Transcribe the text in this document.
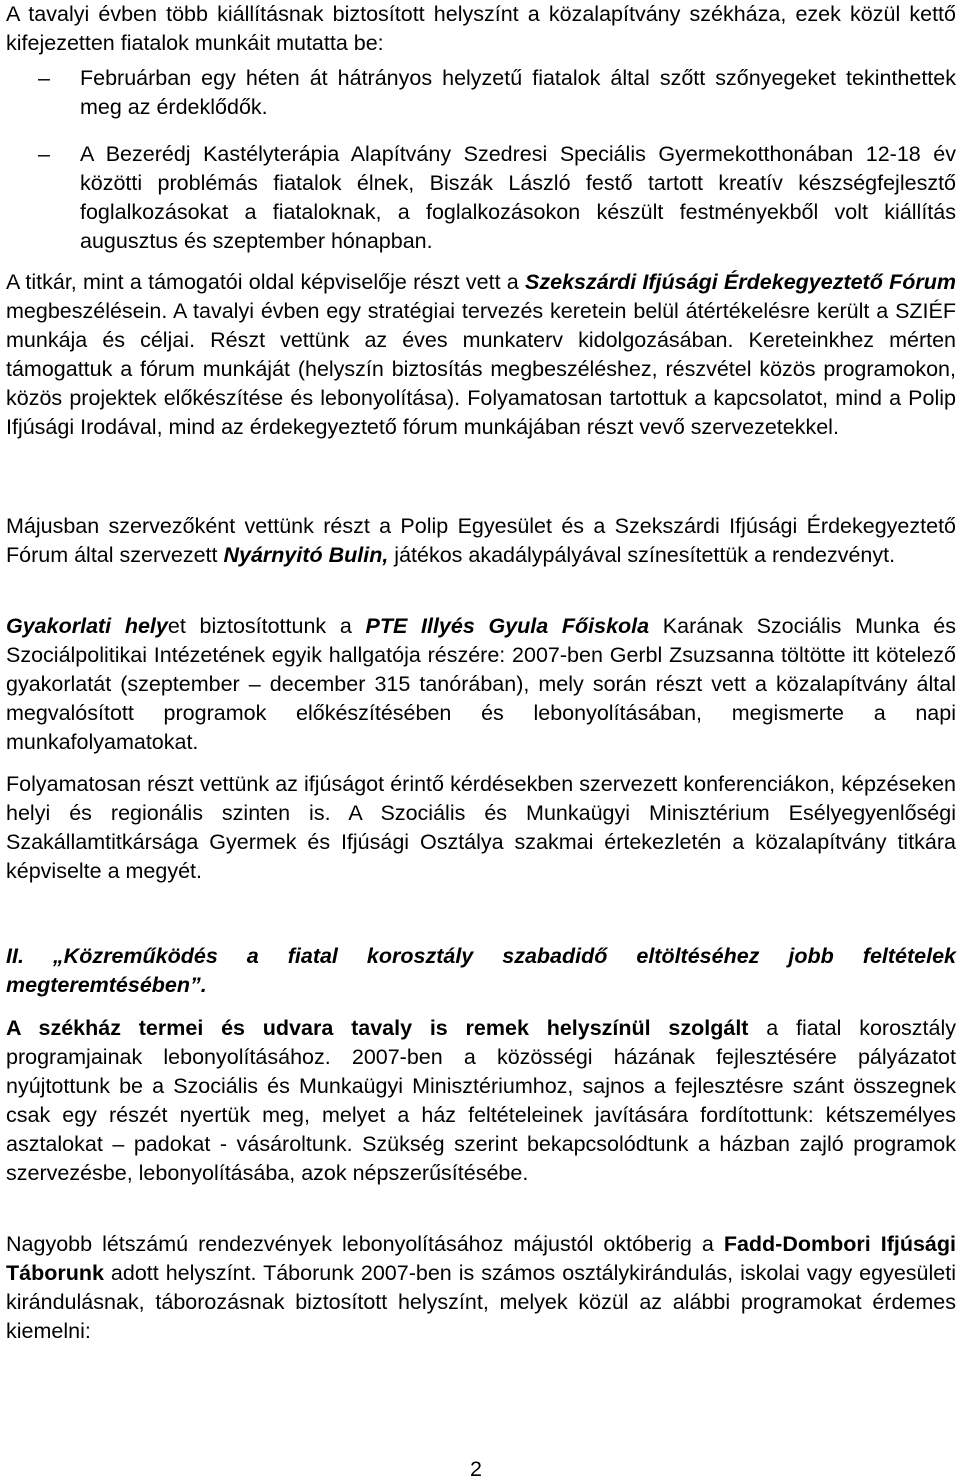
A tavalyi évben több kiállításnak biztosított helyszínt a közalapítvány székháza, ezek közül kettő kifejezetten fiatalok munkáit mutatta be:

– Februárban egy héten át hátrányos helyzetű fiatalok által szőtt szőnyegeket tekinthettek meg az érdeklődők.
– A Bezerédj Kastélyterápia Alapítvány Szedresi Speciális Gyermekotthonában 12-18 év közötti problémás fiatalok élnek, Biszák László festő tartott kreatív készségfejlesztő foglalkozásokat a fiataloknak, a foglalkozásokon készült festményekből volt kiállítás augusztus és szeptember hónapban.

A titkár, mint a támogatói oldal képviselője részt vett a Szekszárdi Ifjúsági Érdekegyeztető Fórum megbeszélésein. A tavalyi évben egy stratégiai tervezés keretein belül átértékelésre került a SZIÉF munkája és céljai. Részt vettünk az éves munkaterv kidolgozásában. Kereteinkhez mérten támogattuk a fórum munkáját (helyszín biztosítás megbeszéléshez, részvétel közös programokon, közös projektek előkészítése és lebonyolítása). Folyamatosan tartottuk a kapcsolatot, mind a Polip Ifjúsági Irodával, mind az érdekegyeztető fórum munkájában részt vevő szervezetekkel.

Májusban szervezőként vettünk részt a Polip Egyesület és a Szekszárdi Ifjúsági Érdekegyeztető Fórum által szervezett Nyárnyitó Bulin, játékos akadálypályával színesítettük a rendezvényt.

Gyakorlati helyet biztosítottunk a PTE Illyés Gyula Főiskola Karának Szociális Munka és Szociálpolitikai Intézetének egyik hallgatója részére: 2007-ben Gerbl Zsuzsanna töltötte itt kötelező gyakorlatát (szeptember – december 315 tanórában), mely során részt vett a közalapítvány által megvalósított programok előkészítésében és lebonyolításában, megismerte a napi munkafolyamatokat.

Folyamatosan részt vettünk az ifjúságot érintő kérdésekben szervezett konferenciákon, képzéseken helyi és regionális szinten is. A Szociális és Munkaügyi Minisztérium Esélyegyenlőségi Szakállamtitkársága Gyermek és Ifjúsági Osztálya szakmai értekezletén a közalapítvány titkára képviselte a megyét.

II. „Közreműködés a fiatal korosztály szabadidő eltöltéséhez jobb feltételek megteremtésében”.

A székház termei és udvara tavaly is remek helyszínül szolgált a fiatal korosztály programjainak lebonyolításához. 2007-ben a közösségi házának fejlesztésére pályázatot nyújtottunk be a Szociális és Munkaügyi Minisztériumhoz, sajnos a fejlesztésre szánt összegnek csak egy részét nyertük meg, melyet a ház feltételeinek javítására fordítottunk: kétszemélyes asztalokat – padokat - vásároltunk. Szükség szerint bekapcsolódtunk a házban zajló programok szervezésbe, lebonyolításába, azok népszerűsítésébe.

Nagyobb létszámú rendezvények lebonyolításához májustól októberig a Fadd-Dombori Ifjúsági Táborunk adott helyszínt. Táborunk 2007-ben is számos osztálykirándulás, iskolai vagy egyesületi kirándulásnak, táborozásnak biztosított helyszínt, melyek közül az alábbi programokat érdemes kiemelni:

2
